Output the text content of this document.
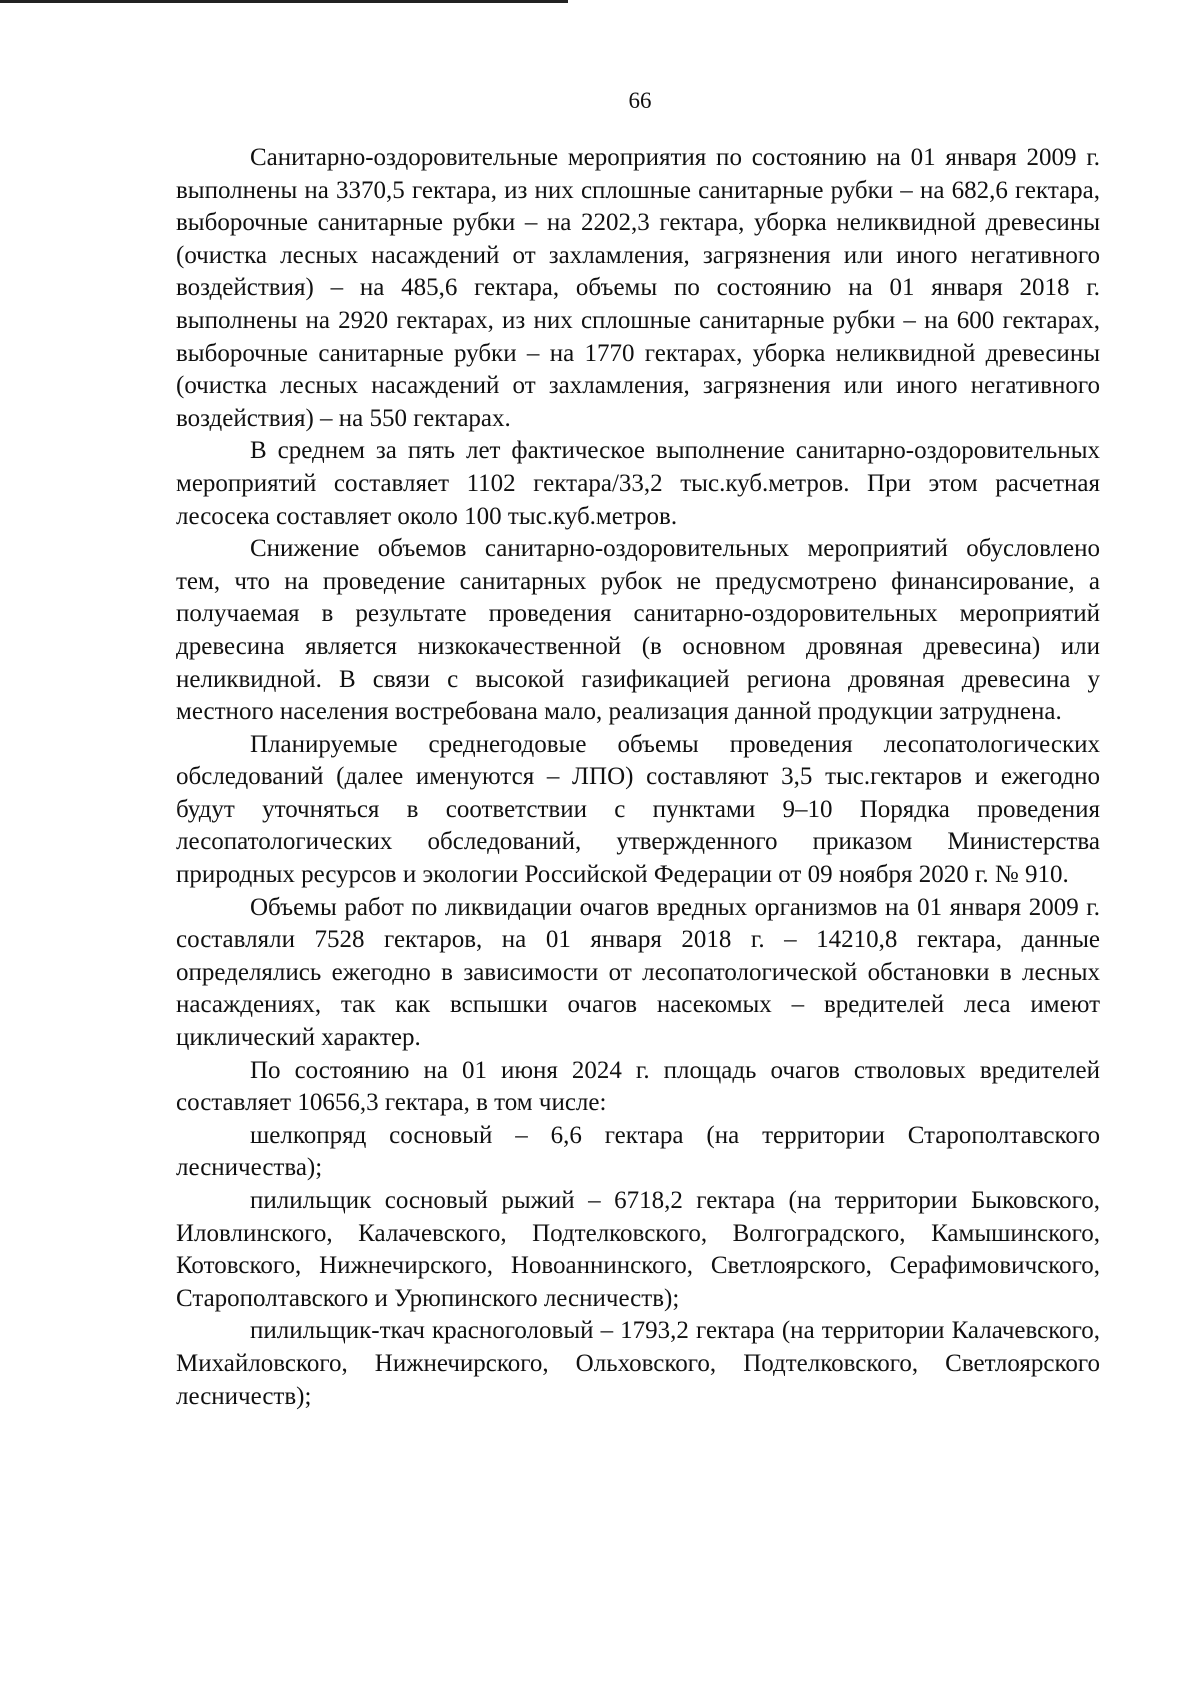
66

Санитарно-оздоровительные мероприятия по состоянию на 01 января 2009 г. выполнены на 3370,5 гектара, из них сплошные санитарные рубки – на 682,6 гектара, выборочные санитарные рубки – на 2202,3 гектара, уборка неликвидной древесины (очистка лесных насаждений от захламления, загрязнения или иного негативного воздействия) – на 485,6 гектара, объемы по состоянию на 01 января 2018 г. выполнены на 2920 гектарах, из них сплошные санитарные рубки – на 600 гектарах, выборочные санитарные рубки – на 1770 гектарах, уборка неликвидной древесины (очистка лесных насаждений от захламления, загрязнения или иного негативного воздействия) – на 550 гектарах.

В среднем за пять лет фактическое выполнение санитарно-оздоровительных мероприятий составляет 1102 гектара/33,2 тыс.куб.метров. При этом расчетная лесосека составляет около 100 тыс.куб.метров.

Снижение объемов санитарно-оздоровительных мероприятий обусловлено тем, что на проведение санитарных рубок не предусмотрено финансирование, а получаемая в результате проведения санитарно-оздоровительных мероприятий древесина является низкокачественной (в основном дровяная древесина) или неликвидной. В связи с высокой газификацией региона дровяная древесина у местного населения востребована мало, реализация данной продукции затруднена.

Планируемые среднегодовые объемы проведения лесопатологических обследований (далее именуются – ЛПО) составляют 3,5 тыс.гектаров и ежегодно будут уточняться в соответствии с пунктами 9–10 Порядка проведения лесопатологических обследований, утвержденного приказом Министерства природных ресурсов и экологии Российской Федерации от 09 ноября 2020 г. № 910.

Объемы работ по ликвидации очагов вредных организмов на 01 января 2009 г. составляли 7528 гектаров, на 01 января 2018 г. – 14210,8 гектара, данные определялись ежегодно в зависимости от лесопатологической обстановки в лесных насаждениях, так как вспышки очагов насекомых – вредителей леса имеют циклический характер.

По состоянию на 01 июня 2024 г. площадь очагов стволовых вредителей составляет 10656,3 гектара, в том числе:

шелкопряд сосновый – 6,6 гектара (на территории Старополтавского лесничества);

пилильщик сосновый рыжий – 6718,2 гектара (на территории Быковского, Иловлинского, Калачевского, Подтелковского, Волгоградского, Камышинского, Котовского, Нижнечирского, Новоаннинского, Светлоярского, Серафимовичского, Старополтавского и Урюпинского лесничеств);

пилильщик-ткач красноголовый – 1793,2 гектара (на территории Калачевского, Михайловского, Нижнечирского, Ольховского, Подтелковского, Светлоярского лесничеств);
